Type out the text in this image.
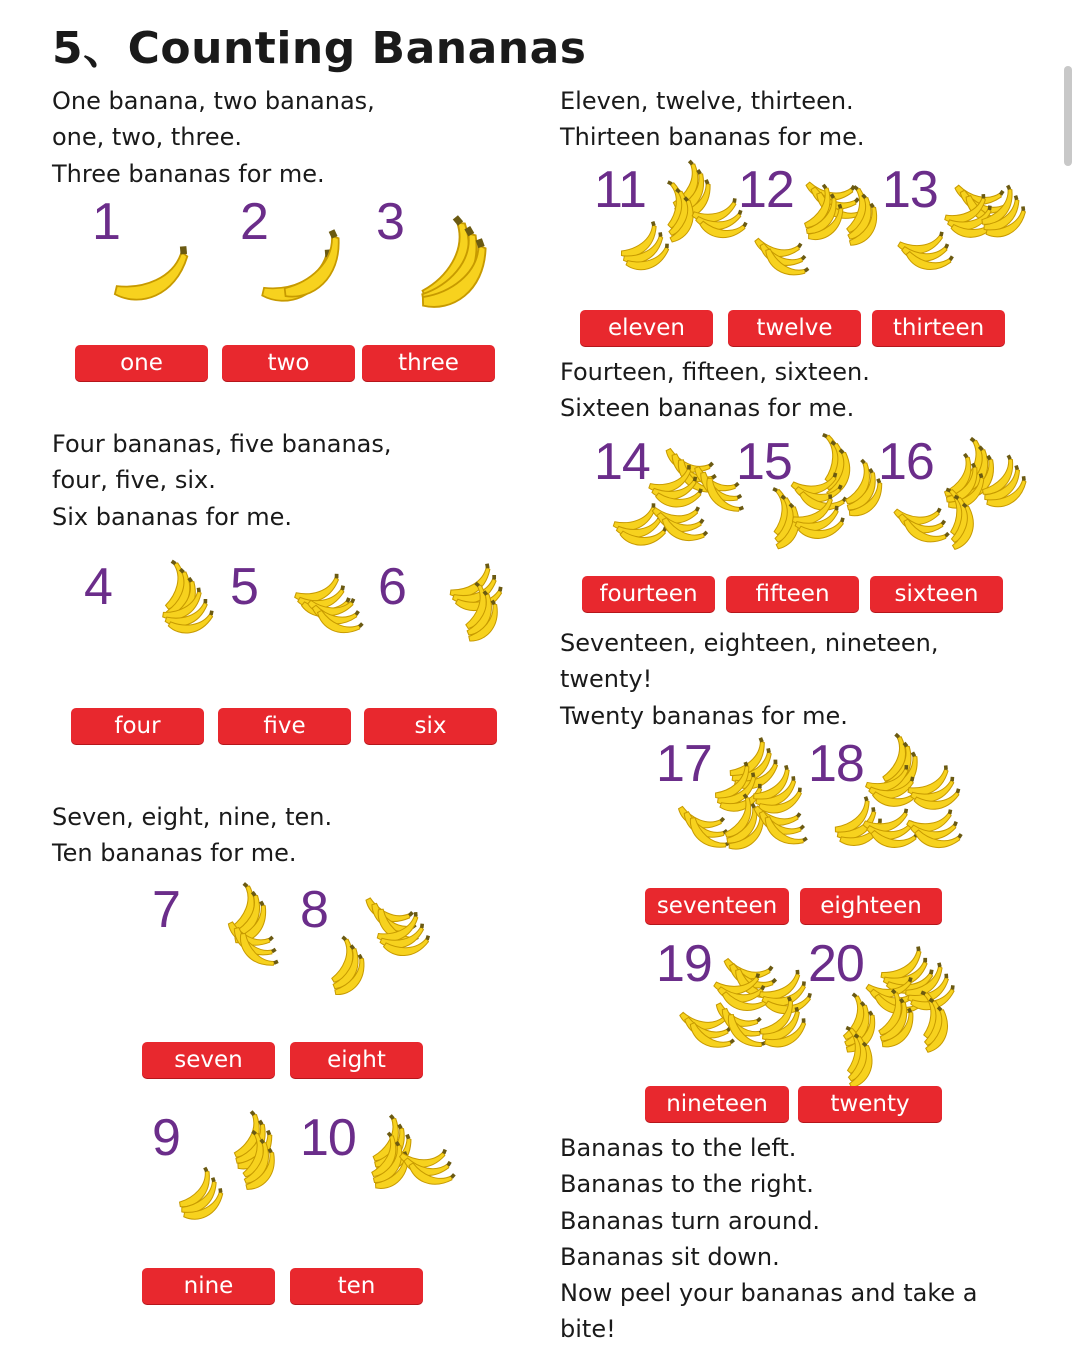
5、Counting Bananas
One banana, two bananas,
one, two, three.
Three bananas for me.
Four bananas, five bananas,
four, five, six.
Six bananas for me.
Seven, eight, nine, ten.
Ten bananas for me.
Eleven, twelve, thirteen.
Thirteen bananas for me.
Fourteen, fifteen, sixteen.
Sixteen bananas for me.
Seventeen, eighteen, nineteen,
twenty!
Twenty bananas for me.
Bananas to the left.
Bananas to the right.
Bananas turn around.
Bananas sit down.
Now peel your bananas and take a
bite!
1 2 3
4 5 6
7 8
9 10
11 12 13
14 15 16
17 18
19 20
one	two	three
four	five	six
seven	eight
nine	ten
eleven	twelve	thirteen
fourteen	fifteen	sixteen
seventeen	eighteen
nineteen	twenty
